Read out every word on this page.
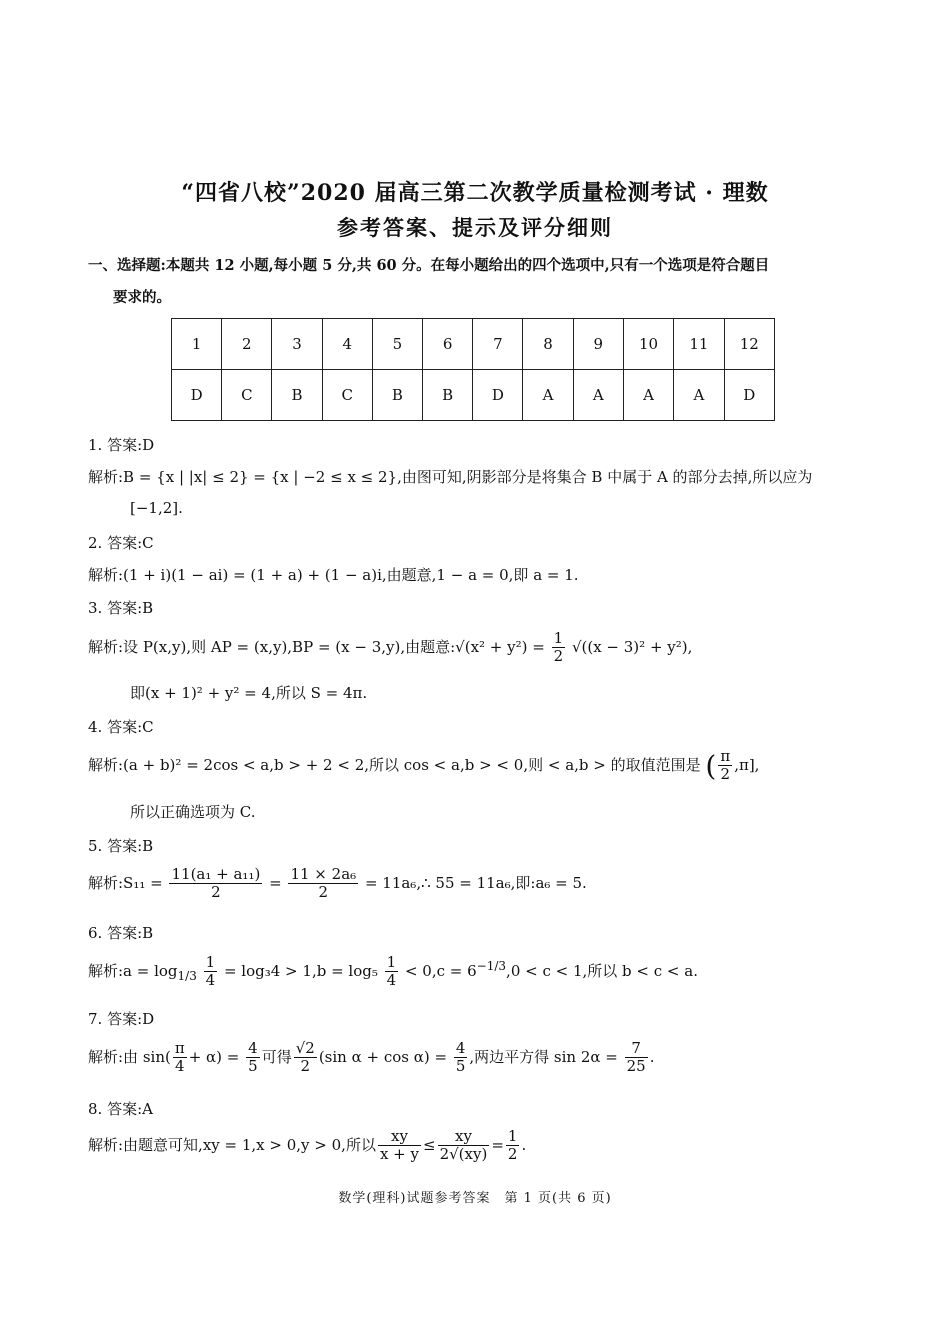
“四省八校”2020 届高三第二次教学质量检测考试 · 理数
参考答案、提示及评分细则
一、选择题:本题共 12 小题,每小题 5 分,共 60 分。在每小题给出的四个选项中,只有一个选项是符合题目
要求的。
1	2	3	4	5	6	7	8	9	10	11	12
D	C	B	C	B	B	D	A	A	A	A	D
1. 答案:D
解析:B = {x | |x| ≤ 2} = {x | −2 ≤ x ≤ 2},由图可知,阴影部分是将集合 B 中属于 A 的部分去掉,所以应为
[−1,2].
2. 答案:C
解析:(1 + i)(1 − ai) = (1 + a) + (1 − a)i,由题意,1 − a = 0,即 a = 1.
3. 答案:B
解析:设 P(x,y),则 AP = (x,y),BP = (x − 3,y),由题意:√(x² + $y^2) = \frac{1}{2} √((x - 3)^2 + y^2)$,
即(x + 1)² + y² = 4,所以 S = 4π.
4. 答案:C
解析:(a + b)² = 2cos < a,b > + 2 < 2,所以 cos < a,b > < 0,则 < a,b > 的取值范围是 ( $\frac{\pi}{2} ,\pi$],
所以正确选项为 C.
5. 答案:B
解析:S₁₁ = $\frac{\text{11(a₁ + a₁₁)}}{2} = \frac{\text{11 × 2a₆}}{2}$ = 11a₆,∴ 55 = 11a₆,即:a₆ = 5.
6. 答案:B
解析:a = $\log_{1/3} \frac{1}{4} = \log_34 > 1,b = \log_5 \frac{1}{4} < 0,c = 6^{-1/3},0 < c < 1$,所以 b < c < a.
7. 答案:D
解析:由 $\sin( \frac{\pi}{4} + \alpha) = \frac{4}{5}$ 可得 $\frac{√2}{2} (\sin$ $\alpha + \cos \alpha) = \frac{4}{5}$ ,两边平方得 $\sin 2\alpha = \frac{7}{25}$ .
8. 答案:A
解析:由题意可知,xy = 1,x > 0,y > 0,所以 $\frac{xy}{x + y} \le \frac{xy}{2√(xy)} = \frac{1}{2}$ .
数学(理科)试题参考答案　第 1 页(共 6 页)
